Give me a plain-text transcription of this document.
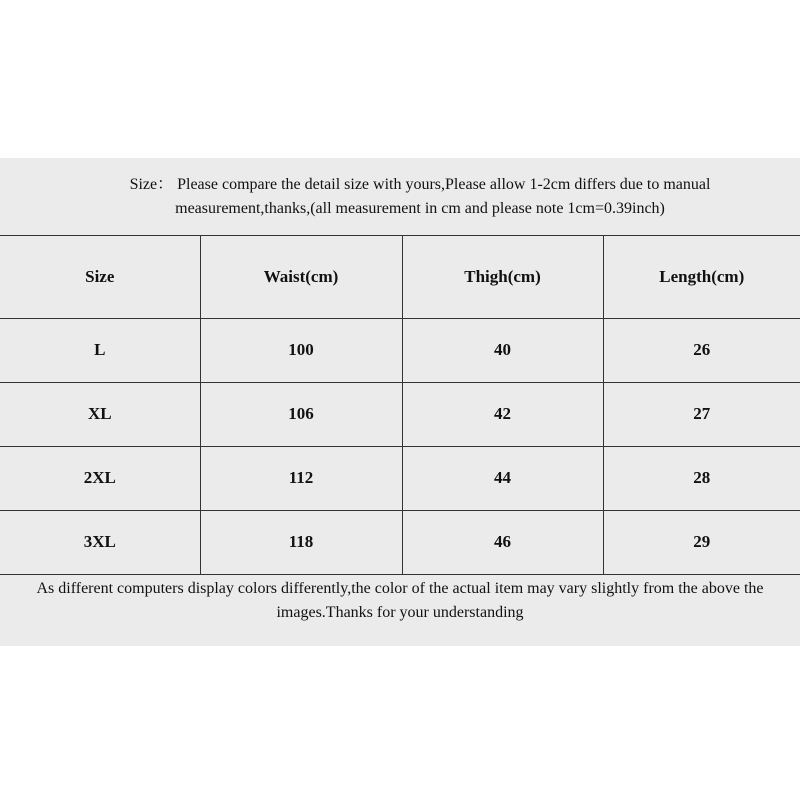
Size： Please compare the detail size with yours,Please allow 1-2cm differs due to manual measurement,thanks,(all measurement in cm and please note 1cm=0.39inch)
Size	Waist(cm)	Thigh(cm)	Length(cm)
L	100	40	26
XL	106	42	27
2XL	112	44	28
3XL	118	46	29
As different computers display colors differently,the color of the actual item may vary slightly from the above the images.Thanks for your understanding
